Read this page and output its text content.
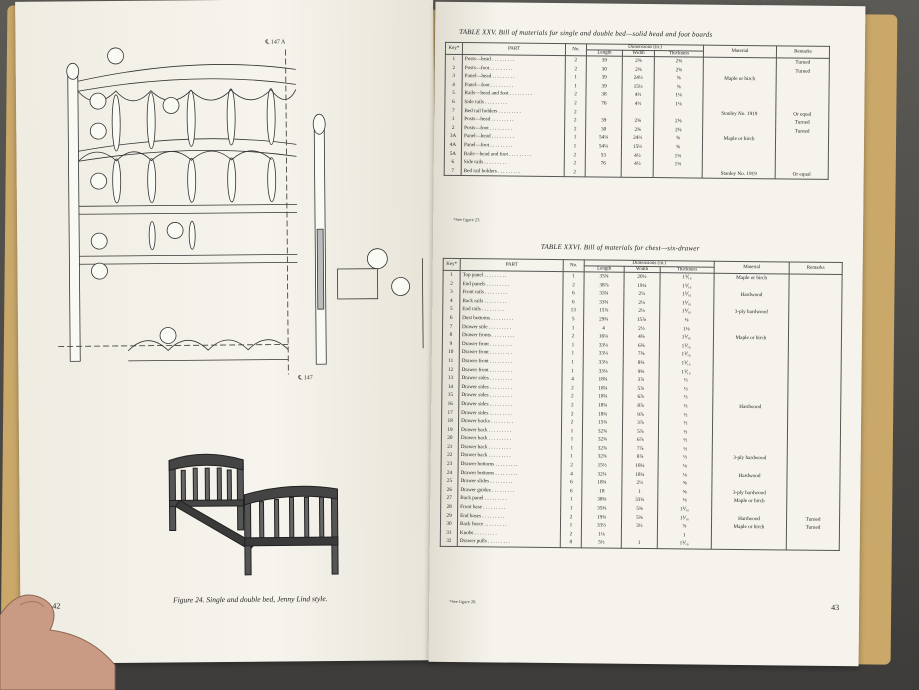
℄ 147 A
℄ 147
Figure 24. Single and double bed, Jenny Lind style.
42
TABLE XXV. Bill of materials for single and double bed—solid head and foot boards
Key*	PART	No.	Dimensions (in.)			Material	Remarks
			Length	Width	Thickness		
1	Posts—head . . . . . . . . .	2	39	2⅝	2⅝		Turned
2	Posts—foot . . . . . . . . .	2	30	2⅝	2⅝		Turned
3	Panel—head . . . . . . . . .	1	39	24½	⅝	Maple or birch	
4	Panel—foot . . . . . . . . .	1	39	15½	⅝		
5	Rails—head and foot . . . . . . . . .	2	38	4½	1⅛		
6	Side rails . . . . . . . . .	2	76	4½	1⅛		
7	Bed rail holders . . . . . . . . .	2				Stanley No. 1919	Or equal
1	Posts—head . . . . . . . . .	2	39	2⅝	2⅝		Turned
2	Posts—foot . . . . . . . . .	2	30	2⅝	2⅝		Turned
3A	Panel—head . . . . . . . . .	1	54¼	24½	⅝	Maple or birch	
4A	Panel—foot . . . . . . . . .	1	54¼	15½	⅝		
5A	Rails—head and foot . . . . . . . . .	2	53	4½	1⅛		
6	Side rails . . . . . . . . .	2	76	4½	1⅛		
7	Bed rail holders . . . . . . . . .	2				Stanley No. 1919	Or equal
*See figure 23.
TABLE XXVI. Bill of materials for chest—six-drawer
Key*	PART	No.	Dimensions (in.)			Material	Remarks
			Length	Width	Thickness		
1	Top panel . . . . . . . . .	1	35¾	20½	1⅟₁₆	Maple or birch	
2	End panels . . . . . . . . .	2	38⅞	19¼	1⅟₁₆		
3	Front rails . . . . . . . . .	6	33¾	2¼	1⅟₁₆	Hardwood	
4	Back rails . . . . . . . . .	6	33¾	2¼	1⅟₁₆		
5	End rails . . . . . . . . .	13	15⅞	2¼	1⅟₁₆	3-ply hardwood	
6	Dust bottoms . . . . . . . . .	5	29¾	15⅞	⅛		
7	Drawer stile . . . . . . . . .	1	4	2½	1⅛		
8	Drawer fronts . . . . . . . . .	2	16¼	4⅝	1⅟₁₆	Maple or birch	
9	Drawer front . . . . . . . . .	1	33¼	6⅝	1⅟₁₆		
10	Drawer front . . . . . . . . .	1	33¼	7⅝	1⅟₁₆		
11	Drawer front . . . . . . . . .	1	33¼	8⅝	1⅟₁₆		
12	Drawer front . . . . . . . . .	1	33¼	9⅝	1⅟₁₆		
13	Drawer sides . . . . . . . . .	4	18¾	3⅞	½		
14	Drawer sides . . . . . . . . .	2	18¾	5⅞	½		
15	Drawer sides . . . . . . . . .	2	18¾	6⅞	½		
16	Drawer sides . . . . . . . . .	2	18¾	8⅞	½	Hardwood	
17	Drawer sides . . . . . . . . .	2	18¾	9⅞	½		
18	Drawer backs . . . . . . . . .	2	15¾	3⅞	½		
19	Drawer back . . . . . . . . .	1	32¾	5⅞	½		
20	Drawer back . . . . . . . . .	1	32¾	6⅞	½		
21	Drawer back . . . . . . . . .	1	32¾	7⅞	½		
22	Drawer back . . . . . . . . .	1	32¾	8⅞	½	3-ply hardwood	
23	Drawer bottoms . . . . . . . . .	2	15½	18¼	⅛		
24	Drawer bottoms . . . . . . . . .	4	32¼	18¼	⅛	Hardwood	
25	Drawer slides . . . . . . . . .	6	18¾	2½	⅝		
26	Drawer guides . . . . . . . . .	6	18	1	⅝	3-ply hardwood	
27	Back panel . . . . . . . . .	1	38⅝	33¾	⅛	Maple or birch	
28	Front base . . . . . . . . .	1	35⅝	5⅝	1⅟₁₆		
29	End bases . . . . . . . . .	2	19¾	5⅝	1⅟₁₆	Hardwood	Turned
30	Back brace . . . . . . . . .	1	33½	3½	⅞	Maple or birch	Turned
31	Knobs . . . . . . . . .	2	1⅛		1		
32	Drawer pulls . . . . . . . . .	8	5½	1	1⅟₁₆		
*See figure 28.
43
